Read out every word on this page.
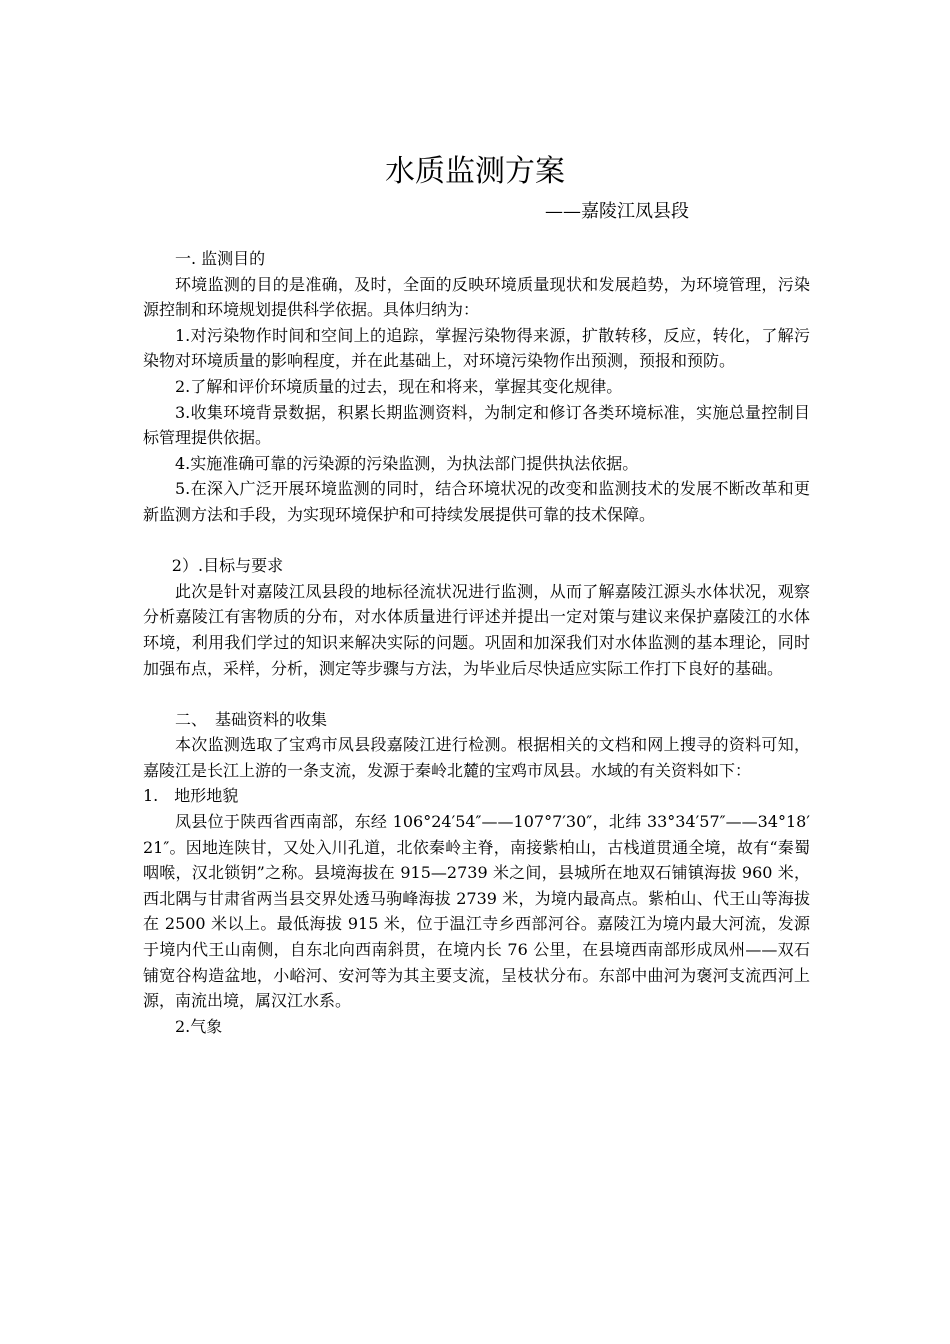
水质监测方案
——嘉陵江凤县段

一. 监测目的

环境监测的目的是准确，及时，全面的反映环境质量现状和发展趋势，为环境管理，污染源控制和环境规划提供科学依据。具体归纳为：

1.对污染物作时间和空间上的追踪，掌握污染物得来源，扩散转移，反应，转化，了解污染物对环境质量的影响程度，并在此基础上，对环境污染物作出预测，预报和预防。

2.了解和评价环境质量的过去，现在和将来，掌握其变化规律。

3.收集环境背景数据，积累长期监测资料，为制定和修订各类环境标准，实施总量控制目标管理提供依据。

4.实施准确可靠的污染源的污染监测，为执法部门提供执法依据。

5.在深入广泛开展环境监测的同时，结合环境状况的改变和监测技术的发展不断改革和更新监测方法和手段，为实现环境保护和可持续发展提供可靠的技术保障。

2）.目标与要求

此次是针对嘉陵江凤县段的地标径流状况进行监测，从而了解嘉陵江源头水体状况，观察分析嘉陵江有害物质的分布，对水体质量进行评述并提出一定对策与建议来保护嘉陵江的水体环境，利用我们学过的知识来解决实际的问题。巩固和加深我们对水体监测的基本理论，同时加强布点，采样，分析，测定等步骤与方法，为毕业后尽快适应实际工作打下良好的基础。

二、　基础资料的收集

本次监测选取了宝鸡市凤县段嘉陵江进行检测。根据相关的文档和网上搜寻的资料可知，嘉陵江是长江上游的一条支流，发源于秦岭北麓的宝鸡市凤县。水域的有关资料如下：

1.　地形地貌

凤县位于陕西省西南部，东经 106°24′54″——107°7′30″，北纬 33°34′57″——34°18′21″。因地连陕甘，又处入川孔道，北依秦岭主脊，南接紫柏山，古栈道贯通全境，故有“秦蜀咽喉，汉北锁钥”之称。县境海拔在 915—2739 米之间，县城所在地双石铺镇海拔 960 米，西北隅与甘肃省两当县交界处透马驹峰海拔 2739 米，为境内最高点。紫柏山、代王山等海拔在 2500 米以上。最低海拔 915 米，位于温江寺乡西部河谷。嘉陵江为境内最大河流，发源于境内代王山南侧，自东北向西南斜贯，在境内长 76 公里，在县境西南部形成凤州——双石铺宽谷构造盆地，小峪河、安河等为其主要支流，呈枝状分布。东部中曲河为褒河支流西河上源，南流出境，属汉江水系。

2.气象
